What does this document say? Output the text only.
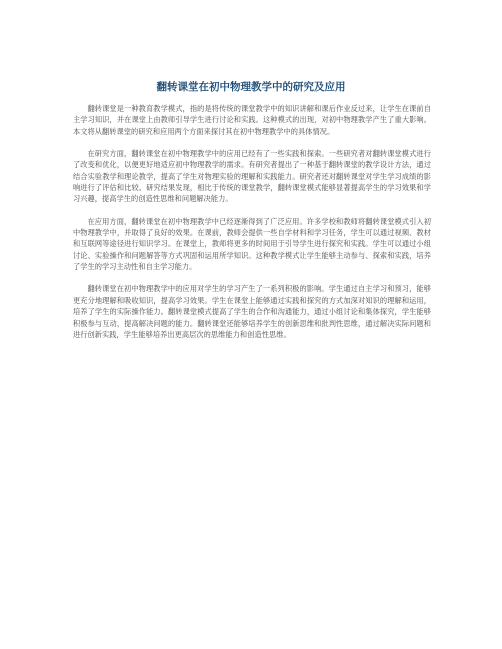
翻转课堂在初中物理教学中的研究及应用

翻转课堂是一种教育教学模式，指的是将传统的课堂教学中的知识讲解和课后作业反过来，让学生在课前自主学习知识，并在课堂上由教师引导学生进行讨论和实践。这种模式的出现，对初中物理教学产生了重大影响。本文将从翻转课堂的研究和应用两个方面来探讨其在初中物理教学中的具体情况。

在研究方面，翻转课堂在初中物理教学中的应用已经有了一些实践和探索。一些研究者对翻转课堂模式进行了改变和优化，以便更好地适应初中物理教学的需求。有研究者提出了一种基于翻转课堂的教学设计方法，通过结合实验教学和理论教学，提高了学生对物理实验的理解和实践能力。研究者还对翻转课堂对学生学习成绩的影响进行了评估和比较。研究结果发现，相比于传统的课堂教学，翻转课堂模式能够显著提高学生的学习效果和学习兴趣，提高学生的创造性思维和问题解决能力。

在应用方面，翻转课堂在初中物理教学中已经逐渐得到了广泛应用。许多学校和教师将翻转课堂模式引入初中物理教学中，并取得了良好的效果。在课前，教师会提供一些自学材料和学习任务，学生可以通过视频、教材和互联网等途径进行知识学习。在课堂上，教师将更多的时间用于引导学生进行探究和实践。学生可以通过小组讨论、实验操作和问题解答等方式巩固和运用所学知识。这种教学模式让学生能够主动参与、探索和实践，培养了学生的学习主动性和自主学习能力。

翻转课堂在初中物理教学中的应用对学生的学习产生了一系列积极的影响。学生通过自主学习和预习，能够更充分地理解和吸收知识，提高学习效果。学生在课堂上能够通过实践和探究的方式加深对知识的理解和运用，培养了学生的实际操作能力。翻转课堂模式提高了学生的合作和沟通能力，通过小组讨论和集体探究，学生能够积极参与互动，提高解决问题的能力。翻转课堂还能够培养学生的创新思维和批判性思维，通过解决实际问题和进行创新实践，学生能够培养出更高层次的思维能力和创造性思维。
